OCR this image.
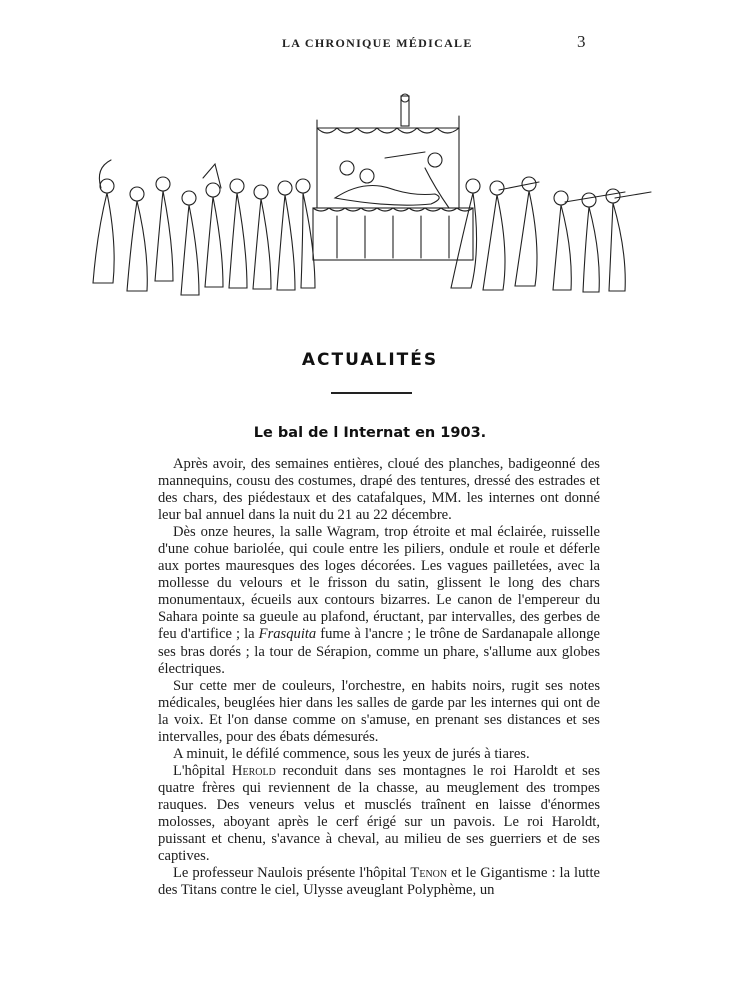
LA CHRONIQUE MÉDICALE	3
ACTUALITÉS
Le bal de l Internat en 1903.

Après avoir, des semaines entières, cloué des planches, badigeonné des mannequins, cousu des costumes, drapé des tentures, dressé des estrades et des chars, des piédestaux et des catafalques, MM. les internes ont donné leur bal annuel dans la nuit du 21 au 22 décembre.

Dès onze heures, la salle Wagram, trop étroite et mal éclairée, ruisselle d'une cohue bariolée, qui coule entre les piliers, ondule et roule et déferle aux portes mauresques des loges décorées. Les vagues pailletées, avec la mollesse du velours et le frisson du satin, glissent le long des chars monumentaux, écueils aux contours bizarres. Le canon de l'empereur du Sahara pointe sa gueule au plafond, éructant, par intervalles, des gerbes de feu d'artifice ; la Frasquita fume à l'ancre ; le trône de Sardanapale allonge ses bras dorés ; la tour de Sérapion, comme un phare, s'allume aux globes électriques.

Sur cette mer de couleurs, l'orchestre, en habits noirs, rugit ses notes médicales, beuglées hier dans les salles de garde par les internes qui ont de la voix. Et l'on danse comme on s'amuse, en prenant ses distances et ses intervalles, pour des ébats démesurés.

A minuit, le défilé commence, sous les yeux de jurés à tiares.

L'hôpital Herold reconduit dans ses montagnes le roi Haroldt et ses quatre frères qui reviennent de la chasse, au meuglement des trompes rauques. Des veneurs velus et musclés traînent en laisse d'énormes molosses, aboyant après le cerf érigé sur un pavois. Le roi Haroldt, puissant et chenu, s'avance à cheval, au milieu de ses guerriers et de ses captives.

Le professeur Naulois présente l'hôpital Tenon et le Gigantisme : la lutte des Titans contre le ciel, Ulysse aveuglant Polyphème, un
